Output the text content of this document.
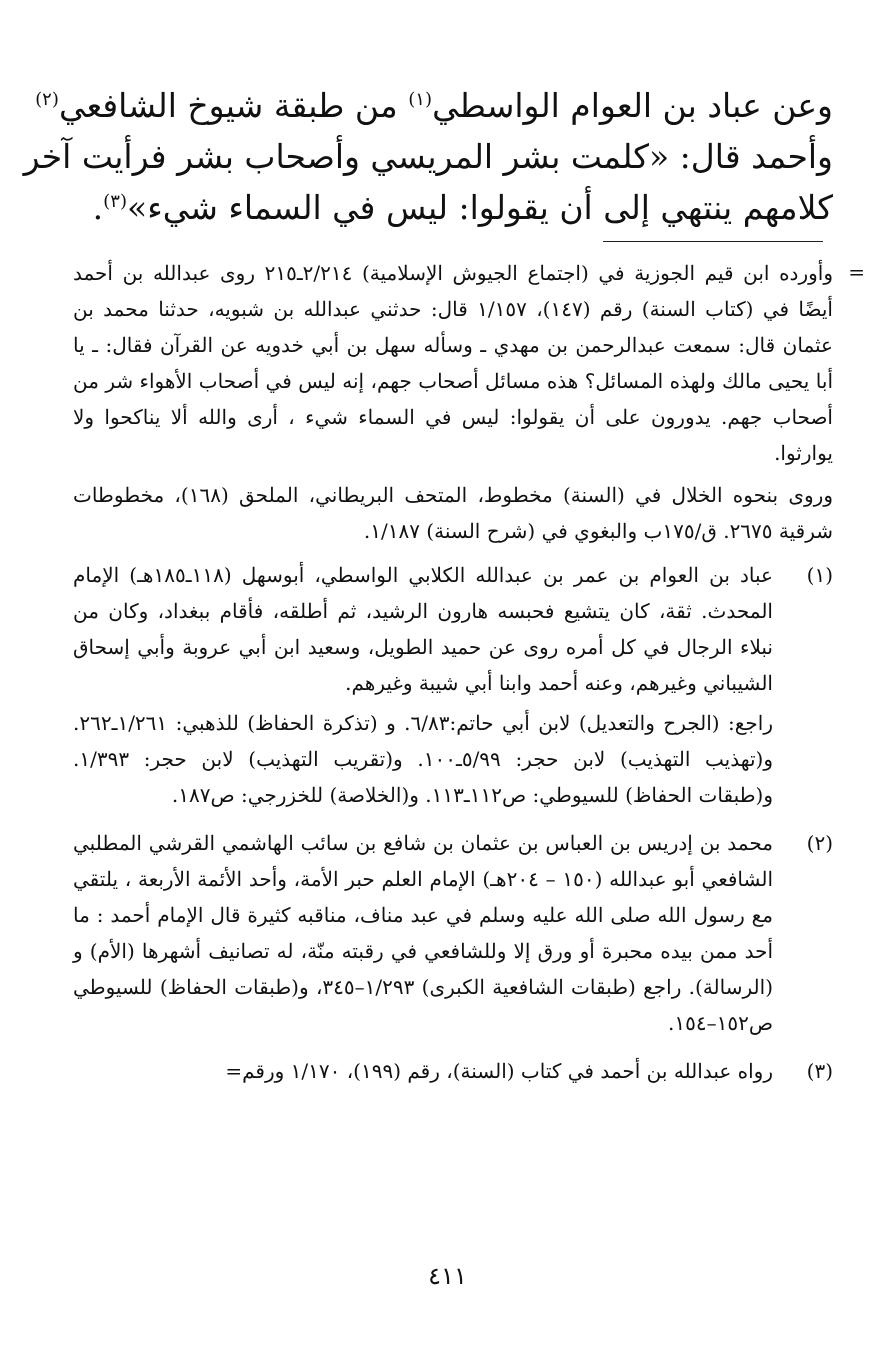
وعن عباد بن العوام الواسطي$^{(١)}$ من طبقة شيوخ الشافعي$^{(٢)}$
وأحمد قال: «كلمت بشر المريسي وأصحاب بشر فرأيت آخر
كلامهم ينتهي إلى أن يقولوا: ليس في السماء شيء»$^{(٣)}$.
=

وأورده ابن قيم الجوزية في (اجتماع الجيوش الإسلامية) ٢/٢١٤ـ٢١٥ روى عبدالله بن أحمد أيضًا في (كتاب السنة) رقم (١٤٧)، ١/١٥٧ قال: حدثني عبدالله بن شبويه، حدثنا محمد بن عثمان قال: سمعت عبدالرحمن بن مهدي ـ وسأله سهل بن أبي خدويه عن القرآن فقال: ـ يا أبا يحيى مالك ولهذه المسائل؟ هذه مسائل أصحاب جهم، إنه ليس في أصحاب الأهواء شر من أصحاب جهم. يدورون على أن يقولوا: ليس في السماء شيء ، أرى والله ألا يناكحوا ولا يوارثوا.

وروى بنحوه الخلال في (السنة) مخطوط، المتحف البريطاني، الملحق (١٦٨)، مخطوطات شرقية ٢٦٧٥. ق/١٧٥ب والبغوي في (شرح السنة) ١/١٨٧.

(١)

عباد بن العوام بن عمر بن عبدالله الكلابي الواسطي، أبوسهل (١١٨ـ١٨٥هـ) الإمام المحدث. ثقة، كان يتشيع فحبسه هارون الرشيد، ثم أطلقه، فأقام ببغداد، وكان من نبلاء الرجال في كل أمره روى عن حميد الطويل، وسعيد ابن أبي عروبة وأبي إسحاق الشيباني وغيرهم، وعنه أحمد وابنا أبي شيبة وغيرهم.

راجع: (الجرح والتعديل) لابن أبي حاتم:٦/٨٣. و (تذكرة الحفاظ) للذهبي: ١/٢٦١ـ٢٦٢. و(تهذيب التهذيب) لابن حجر: ٥/٩٩ـ١٠٠. و(تقريب التهذيب) لابن حجر: ١/٣٩٣. و(طبقات الحفاظ) للسيوطي: ص١١٢ـ١١٣. و(الخلاصة) للخزرجي: ص١٨٧.

(٢)

محمد بن إدريس بن العباس بن عثمان بن شافع بن سائب الهاشمي القرشي المطلبي الشافعي أبو عبدالله (١٥٠ – ٢٠٤هـ) الإمام العلم حبر الأمة، وأحد الأئمة الأربعة ، يلتقي مع رسول الله صلى الله عليه وسلم في عبد مناف، مناقبه كثيرة قال الإمام أحمد : ما أحد ممن بيده محبرة أو ورق إلا وللشافعي في رقبته منّة، له تصانيف أشهرها (الأم) و (الرسالة). راجع (طبقات الشافعية الكبرى) ١/٢٩٣–٣٤٥، و(طبقات الحفاظ) للسيوطي ص١٥٢–١٥٤.

(٣)

رواه عبدالله بن أحمد في كتاب (السنة)، رقم (١٩٩)، ١/١٧٠ ورقم=

٤١١
